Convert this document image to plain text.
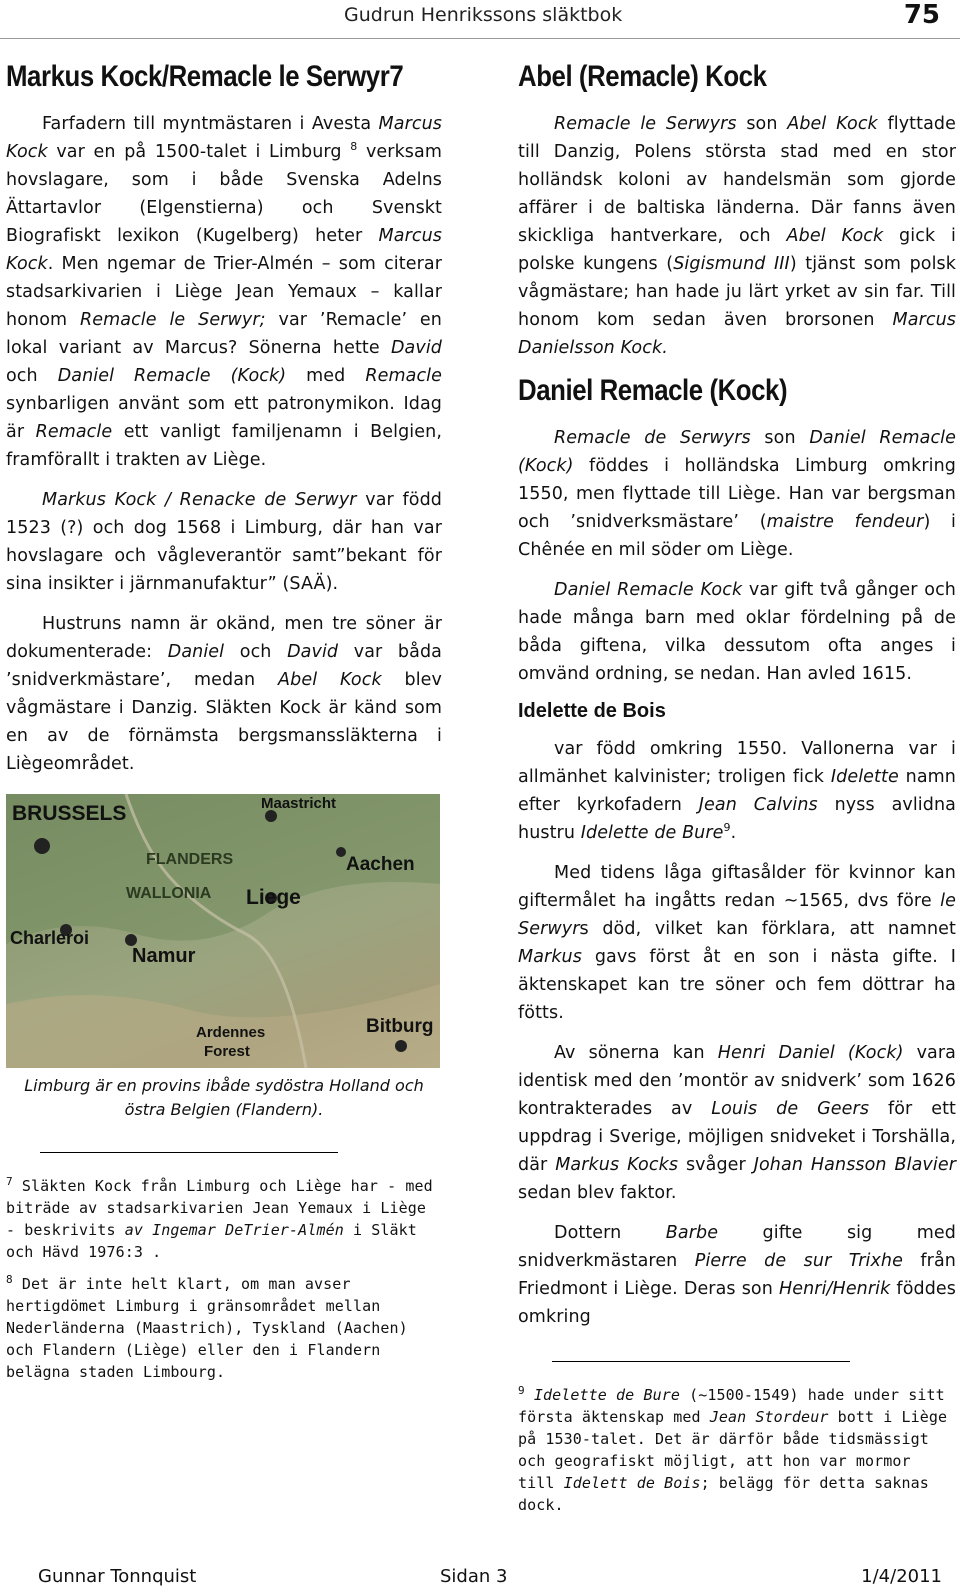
Gudrun Henrikssons släktbok	75
Markus Kock/Remacle le Serwyr7

Farfadern till myntmästaren i Avesta Marcus Kock var en på 1500-talet i Limburg $^8$ verksam hovslagare, som i både Svenska Adelns Ättartavlor (Elgenstierna) och Svenskt Biografiskt lexikon (Kugelberg) heter Marcus Kock. Men ngemar de Trier-Almén – som citerar stadsarkivarien i Liège Jean Yemaux – kallar honom Remacle le Serwyr; var ’Remacle’ en lokal variant av Marcus? Sönerna hette David och Daniel Remacle (Kock) med Remacle synbarligen använt som ett patronymikon. Idag är Remacle ett vanligt familjenamn i Belgien, framförallt i trakten av Liège.

Markus Kock / Renacke de Serwyr var född 1523 (?) och dog 1568 i Limburg, där han var hovslagare och vågleverantör samt”bekant för sina insikter i järnmanufaktur” (SAÄ).

Hustruns namn är okänd, men tre söner är dokumenterade: Daniel och David var båda ’snidverkmästare’, medan Abel Kock blev vågmästare i Danzig. Släkten Kock är känd som en av de förnämsta bergsmanssläkterna i Liègeområdet.

BRUSSELS	Maastricht
FLANDERS	Aachen
WALLONIA Liege
Charleroi
Namur
Ardennes
Forest
Bitburg
Limburg är en provins ibåde sydöstra Holland och
östra Belgien (Flandern).

$^7$ Släkten Kock från Limburg och Liège har - med biträde av stadsarkivarien Jean Yemaux i Liège - beskrivits av Ingemar DeTrier-Almén i Släkt och Hävd 1976:3 .

$^8$ Det är inte helt klart, om man avser hertigdömet Limburg i gränsområdet mellan Nederländerna (Maastrich), Tyskland (Aachen) och Flandern (Liège) eller den i Flandern belägna staden Limbourg.

Abel (Remacle) Kock

Remacle le Serwyrs son Abel Kock flyttade till Danzig, Polens största stad med en stor holländsk koloni av handelsmän som gjorde affärer i de baltiska länderna. Där fanns även skickliga hantverkare, och Abel Kock gick i polske kungens (Sigismund III) tjänst som polsk vågmästare; han hade ju lärt yrket av sin far. Till honom kom sedan även brorsonen Marcus Danielsson Kock.

Daniel Remacle (Kock)

Remacle de Serwyrs son Daniel Remacle (Kock) föddes i holländska Limburg omkring 1550, men flyttade till Liège. Han var bergsman och ’snidverksmästare’ (maistre fendeur) i Chênée en mil söder om Liège.

Daniel Remacle Kock var gift två gånger och hade många barn med oklar fördelning på de båda giftena, vilka dessutom ofta anges i omvänd ordning, se nedan. Han avled 1615.

Idelette de Bois

var född omkring 1550. Vallonerna var i allmänhet kalvinister; troligen fick Idelette namn efter kyrkofadern Jean Calvins nyss avlidna hustru Idelette de Bure$^9$.

Med tidens låga giftasålder för kvinnor kan giftermålet ha ingåtts redan ~1565, dvs före le Serwyrs död, vilket kan förklara, att namnet Markus gavs först åt en son i nästa gifte. I äktenskapet kan tre söner och fem döttrar ha fötts.

Av sönerna kan Henri Daniel (Kock) vara identisk med den ’montör av snidverk’ som 1626 kontrakterades av Louis de Geers för ett uppdrag i Sverige, möjligen snidveket i Torshälla, där Markus Kocks svåger Johan Hansson Blavier sedan blev faktor.

Dottern Barbe gifte sig med snidverkmästaren Pierre de sur Trixhe från Friedmont i Liège. Deras son Henri/Henrik föddes omkring

$^9$ Idelette de Bure (~1500-1549) hade under sitt första äktenskap med Jean Stordeur bott i Liège på 1530-talet. Det är därför både tidsmässigt och geografiskt möjligt, att hon var mormor till Idelett de Bois; belägg för detta saknas dock.

Gunnar Tonnquist	Sidan 3	1/4/2011
